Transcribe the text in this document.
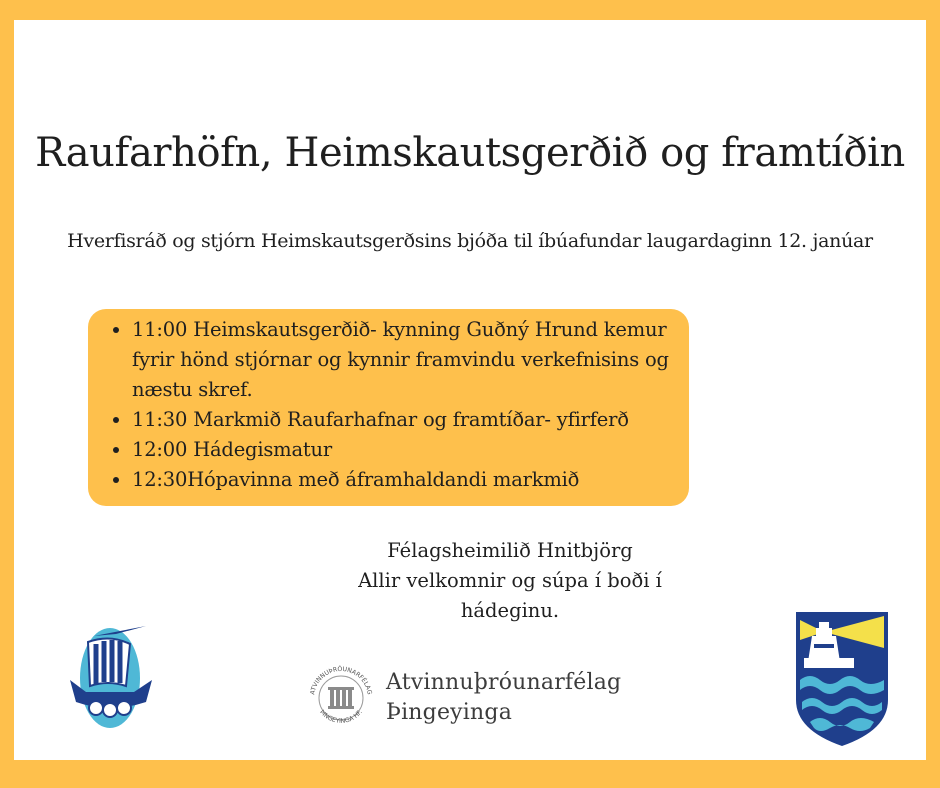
Raufarhöfn, Heimskautsgerðið og framtíðin

Hverfisráð og stjórn Heimskautsgerðsins bjóða til íbúafundar laugardaginn 12. janúar

• 11:00 Heimskautsgerðið- kynning Guðný Hrund kemur fyrir hönd stjórnar og kynnir framvindu verkefnisins og næstu skref.
• 11:30 Markmið Raufarhafnar og framtíðar- yfirferð
• 12:00 Hádegismatur
• 12:30Hópavinna með áframhaldandi markmið
Félagsheimilið Hnitbjörg
Allir velkomnir og súpa í boði í
hádeginu.
ATVINNUÞRÓUNARFÉLAG
ÞINGEYINGA HF.
Atvinnuþróunarfélag
Þingeyinga
